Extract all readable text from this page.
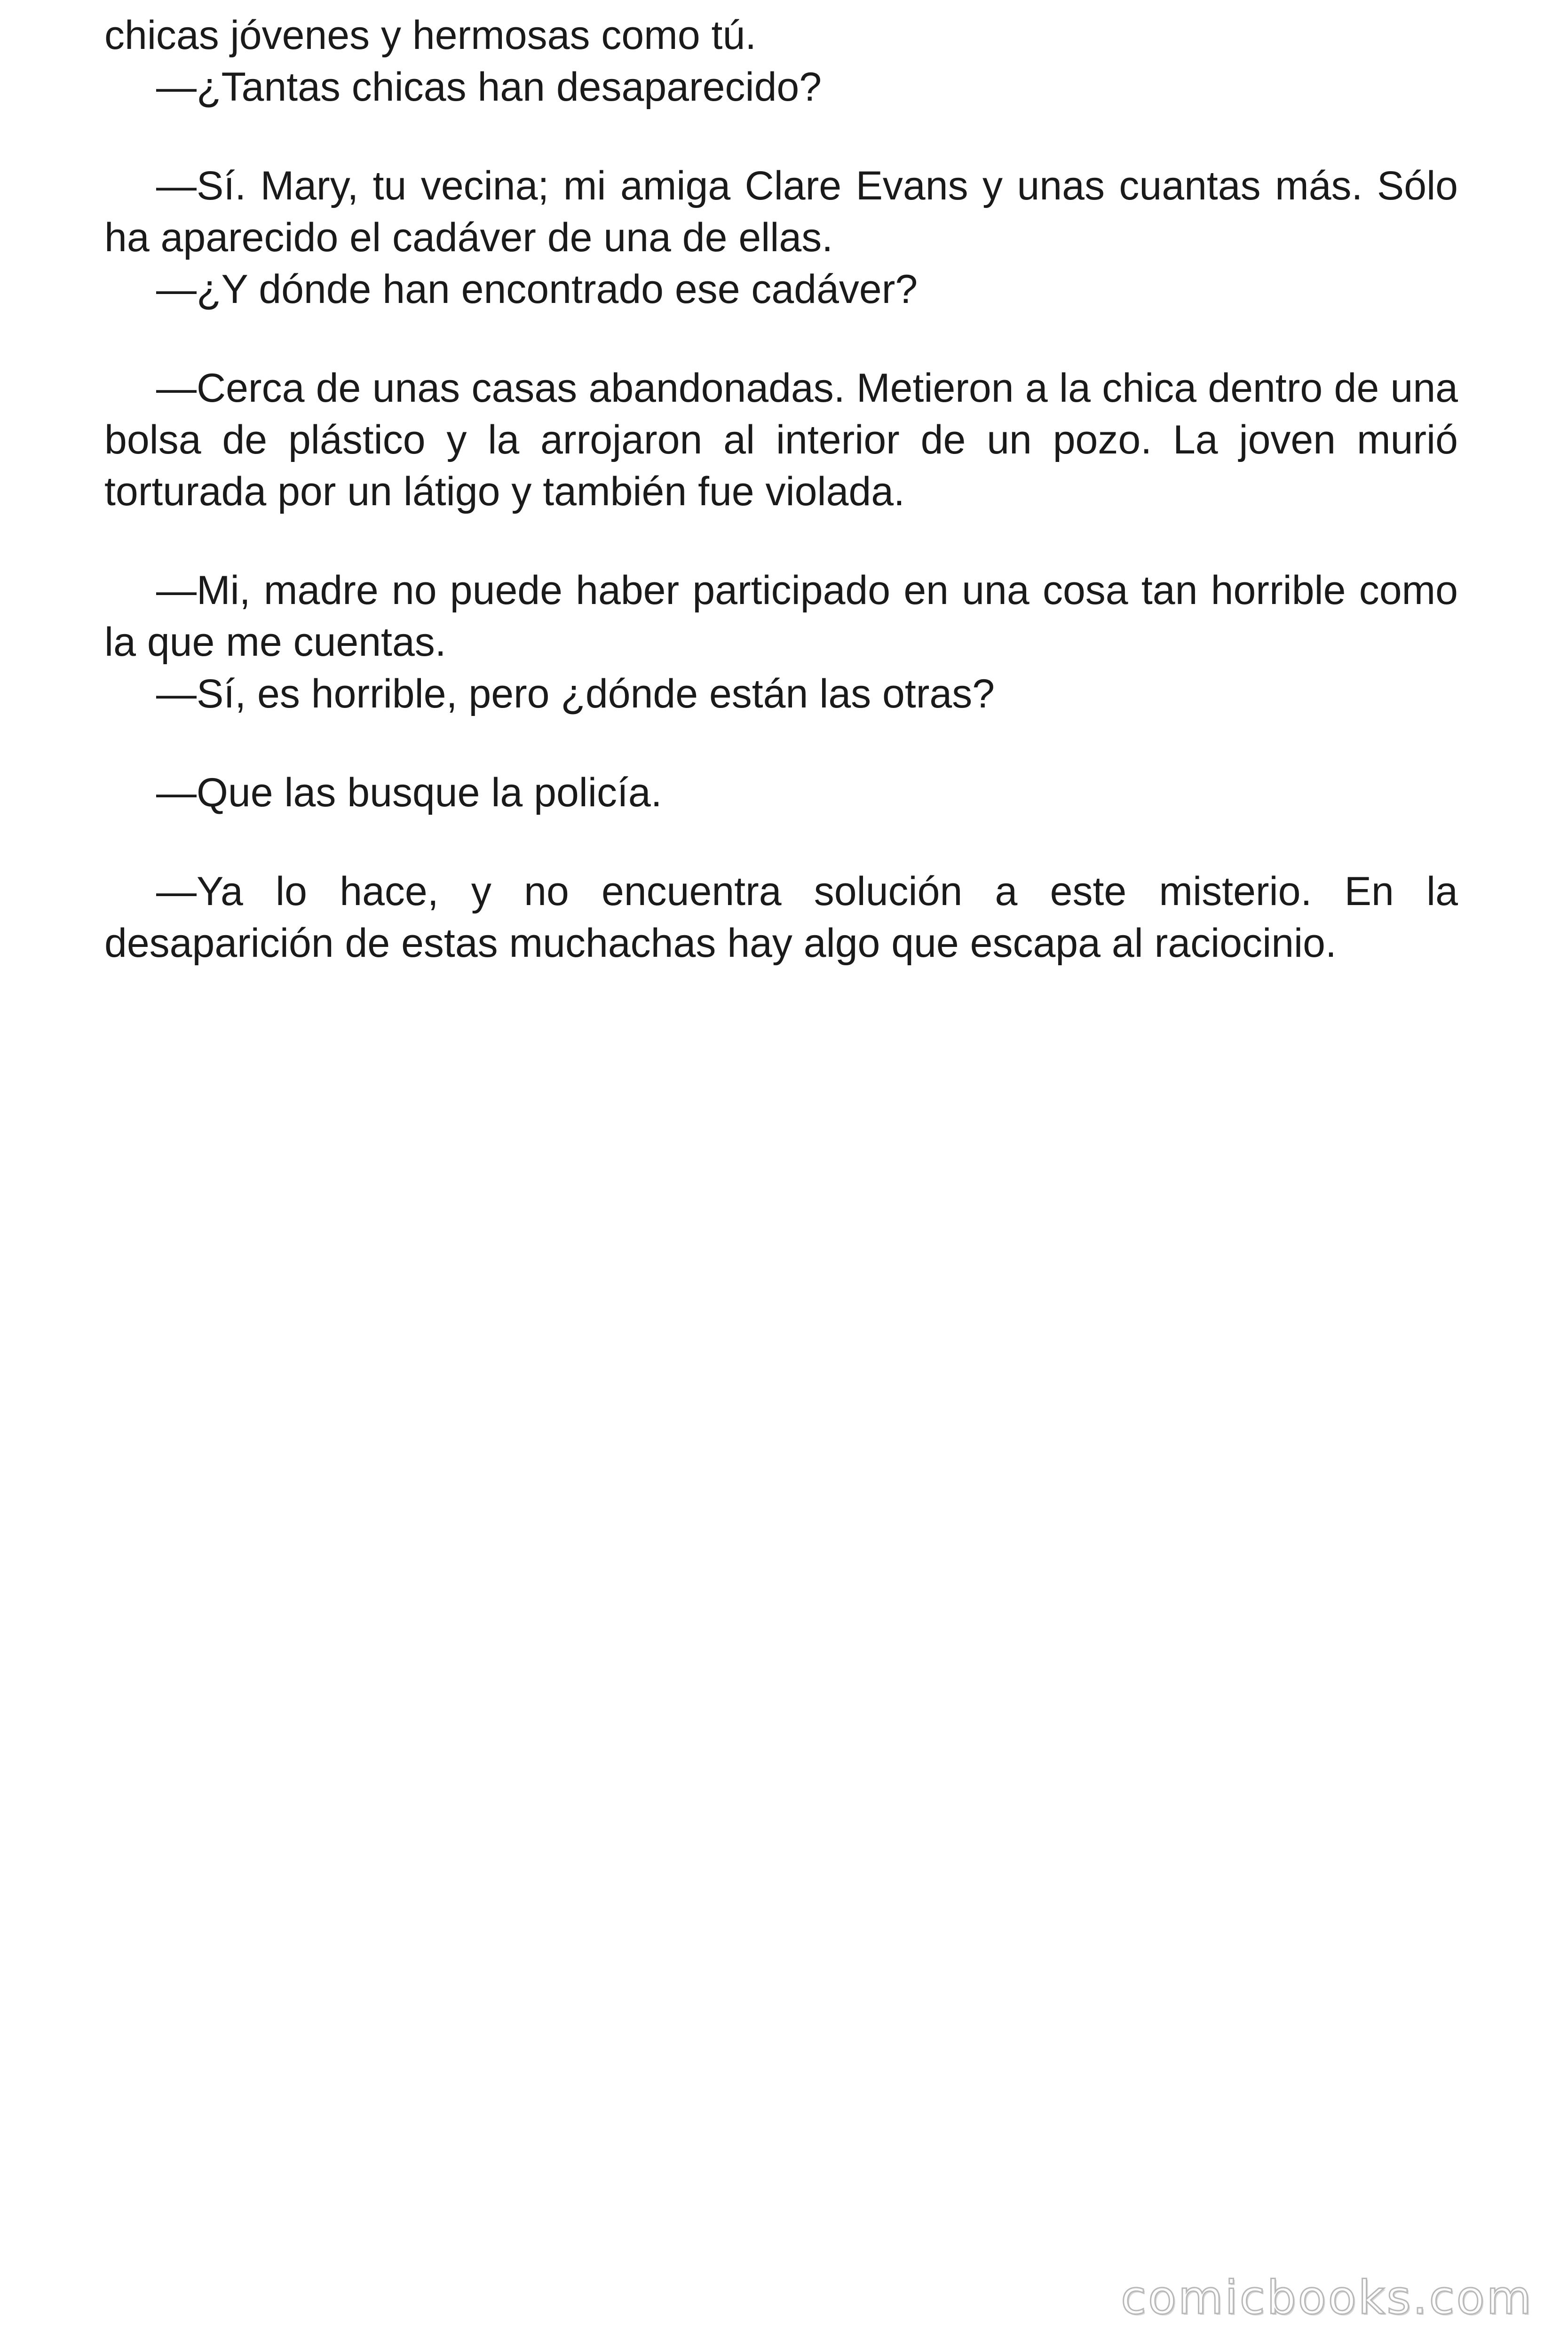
chicas jóvenes y hermosas como tú.

—¿Tantas chicas han desaparecido?

—Sí. Mary, tu vecina; mi amiga Clare Evans y unas cuantas más. Sólo ha aparecido el cadáver de una de ellas.

—¿Y dónde han encontrado ese cadáver?

—Cerca de unas casas abandonadas. Metieron a la chica dentro de una bolsa de plástico y la arrojaron al interior de un pozo. La joven murió torturada por un látigo y también fue violada.

—Mi, madre no puede haber participado en una cosa tan horrible como la que me cuentas.

—Sí, es horrible, pero ¿dónde están las otras?

—Que las busque la policía.

—Ya lo hace, y no encuentra solución a este misterio. En la desaparición de estas muchachas hay algo que escapa al raciocinio.

comicbooks.com
